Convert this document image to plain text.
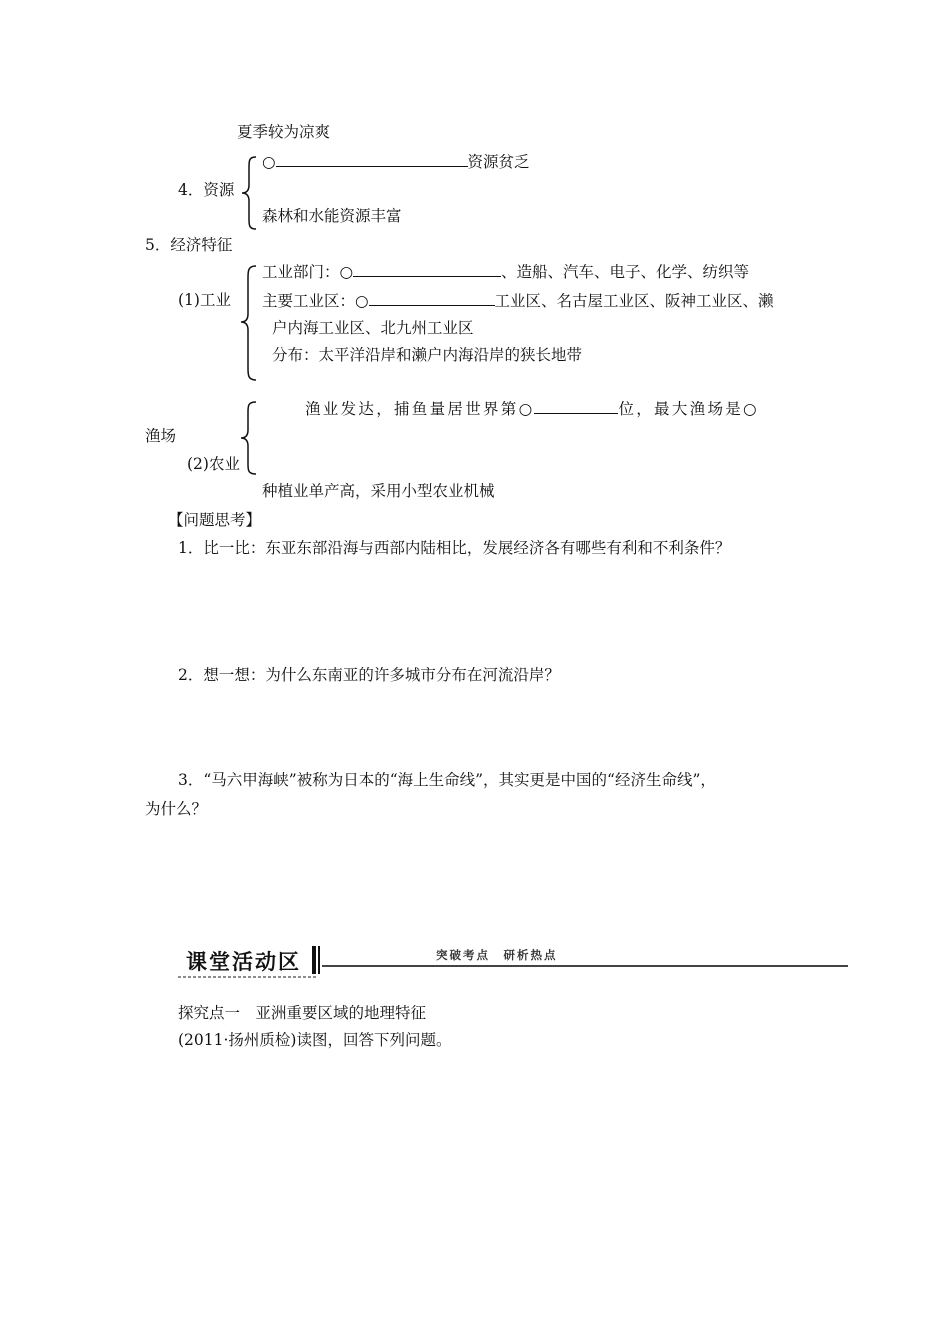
夏季较为凉爽
4．资源
○	资源贫乏
森林和水能资源丰富
5．经济特征
(1)工业
工业部门：○	、造船、汽车、电子、化学、纺织等
主要工业区：○	工业区、名古屋工业区、阪神工业区、濑
户内海工业区、北九州工业区
分布：太平洋沿岸和濑户内海沿岸的狭长地带
渔业发达，捕鱼量居世界第○	位，最大渔场是○
渔场
(2)农业
种植业单产高，采用小型农业机械
【问题思考】
1．比一比：东亚东部沿海与西部内陆相比，发展经济各有哪些有利和不利条件？
2．想一想：为什么东南亚的许多城市分布在河流沿岸？
3．“马六甲海峡”被称为日本的“海上生命线”，其实更是中国的“经济生命线”，
为什么？
课堂活动区	突破考点　研析热点
探究点一　亚洲重要区域的地理特征
(2011·扬州质检)读图，回答下列问题。
